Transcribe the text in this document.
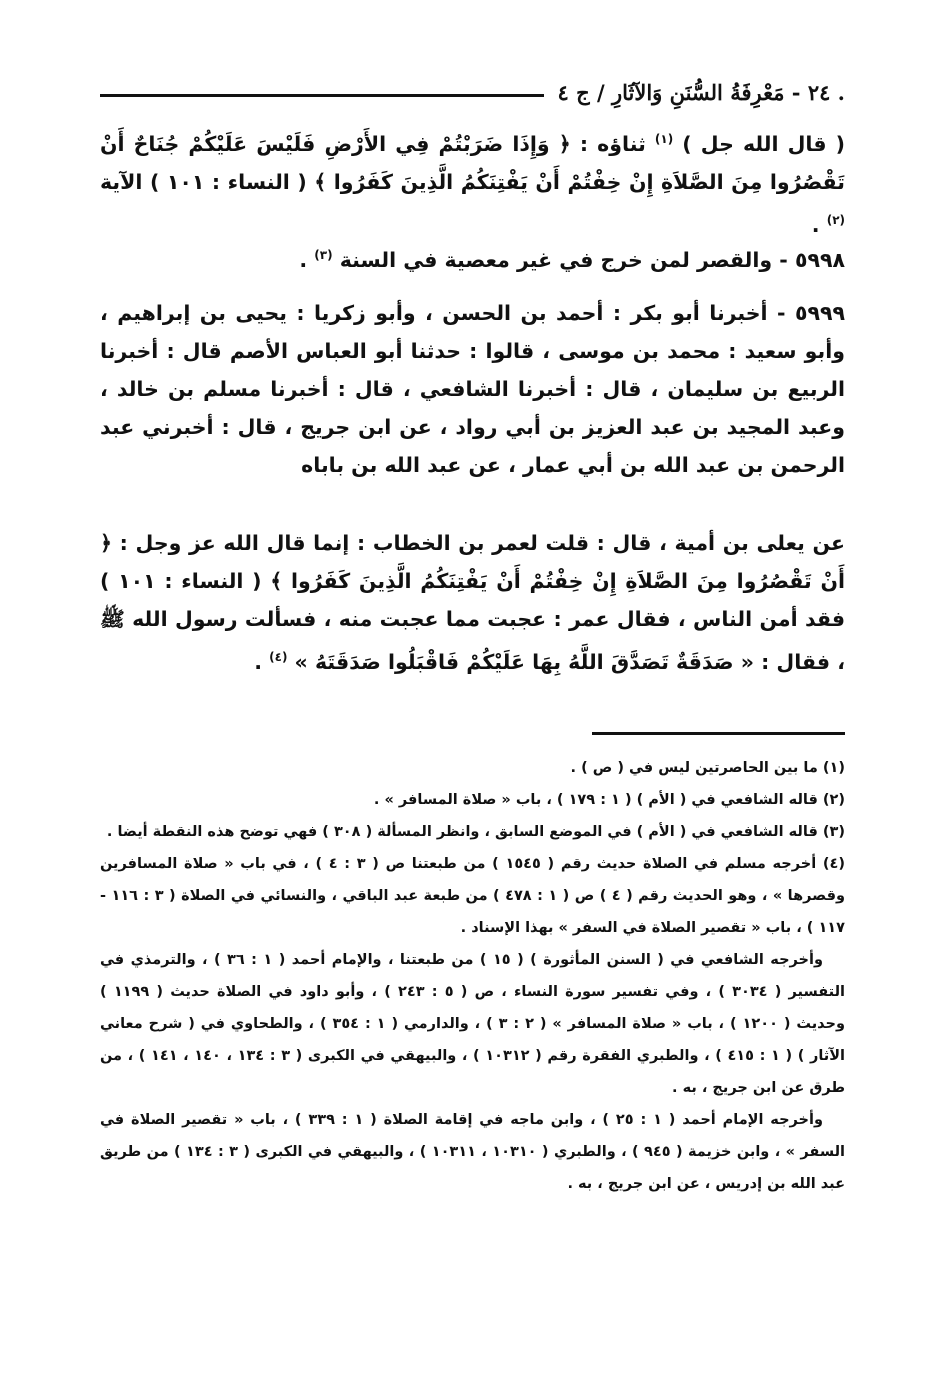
. ٢٤ - مَعْرِفَةُ السُّنَنِ وَالآثَارِ / ج ٤

( قال الله جل ) $^{(١)}$ ثناؤه : ﴿ وَإِذَا ضَرَبْتُمْ فِي الأَرْضِ فَلَيْسَ عَلَيْكُمْ جُنَاحٌ أَنْ تَقْصُرُوا مِنَ الصَّلاَةِ إِنْ خِفْتُمْ أَنْ يَفْتِنَكُمُ الَّذِينَ كَفَرُوا ﴾ ( النساء : ١٠١ ) الآية $^{(٢)}$ .

٥٩٩٨ - والقصر لمن خرج في غير معصية في السنة $^{(٣)}$ .

٥٩٩٩ - أخبرنا أبو بكر : أحمد بن الحسن ، وأبو زكريا : يحيى بن إبراهيم ، وأبو سعيد : محمد بن موسى ، قالوا : حدثنا أبو العباس الأصم قال : أخبرنا الربيع بن سليمان ، قال : أخبرنا الشافعي ، قال : أخبرنا مسلم بن خالد ، وعبد المجيد بن عبد العزيز بن أبي رواد ، عن ابن جريج ، قال : أخبرني عبد الرحمن بن عبد الله بن أبي عمار ، عن عبد الله بن باباه

عن يعلى بن أمية ، قال : قلت لعمر بن الخطاب : إنما قال الله عز وجل : ﴿ أَنْ تَقْصُرُوا مِنَ الصَّلاَةِ إِنْ خِفْتُمْ أَنْ يَفْتِنَكُمُ الَّذِينَ كَفَرُوا ﴾ ( النساء : ١٠١ ) فقد أمن الناس ، فقال عمر : عجبت مما عجبت منه ، فسألت رسول الله ﷺ ، فقال : « صَدَقَةٌ تَصَدَّقَ اللَّهُ بِهَا عَلَيْكُمْ فَاقْبَلُوا صَدَقَتَهُ » $^{(٤)}$ .

(١) ما بين الحاصرتين ليس في ( ص ) .

(٢) قاله الشافعي في ( الأم ) ( ١ : ١٧٩ ) ، باب « صلاة المسافر » .

(٣) قاله الشافعي في ( الأم ) في الموضع السابق ، وانظر المسألة ( ٣٠٨ ) فهي توضح هذه النقطة أيضا .

(٤) أخرجه مسلم في الصلاة حديث رقم ( ١٥٤٥ ) من طبعتنا ص ( ٣ : ٤ ) ، في باب « صلاة المسافرين وقصرها » ، وهو الحديث رقم ( ٤ ) ص ( ١ : ٤٧٨ ) من طبعة عبد الباقي ، والنسائي في الصلاة ( ٣ : ١١٦ - ١١٧ ) ، باب « تقصير الصلاة في السفر » بهذا الإسناد .

وأخرجه الشافعي في ( السنن المأثورة ) ( ١٥ ) من طبعتنا ، والإمام أحمد ( ١ : ٣٦ ) ، والترمذي في التفسير ( ٣٠٣٤ ) ، وفي تفسير سورة النساء ، ص ( ٥ : ٢٤٣ ) ، وأبو داود في الصلاة حديث ( ١١٩٩ ) وحديث ( ١٢٠٠ ) ، باب « صلاة المسافر » ( ٢ : ٣ ) ، والدارمي ( ١ : ٣٥٤ ) ، والطحاوي في ( شرح معاني الآثار ) ( ١ : ٤١٥ ) ، والطبري الفقرة رقم ( ١٠٣١٢ ) ، والبيهقي في الكبرى ( ٣ : ١٣٤ ، ١٤٠ ، ١٤١ ) ، من طرق عن ابن جريج ، به .

وأخرجه الإمام أحمد ( ١ : ٢٥ ) ، وابن ماجه في إقامة الصلاة ( ١ : ٣٣٩ ) ، باب « تقصير الصلاة في السفر » ، وابن خزيمة ( ٩٤٥ ) ، والطبري ( ١٠٣١٠ ، ١٠٣١١ ) ، والبيهقي في الكبرى ( ٣ : ١٣٤ ) من طريق عبد الله بن إدريس ، عن ابن جريج ، به .
